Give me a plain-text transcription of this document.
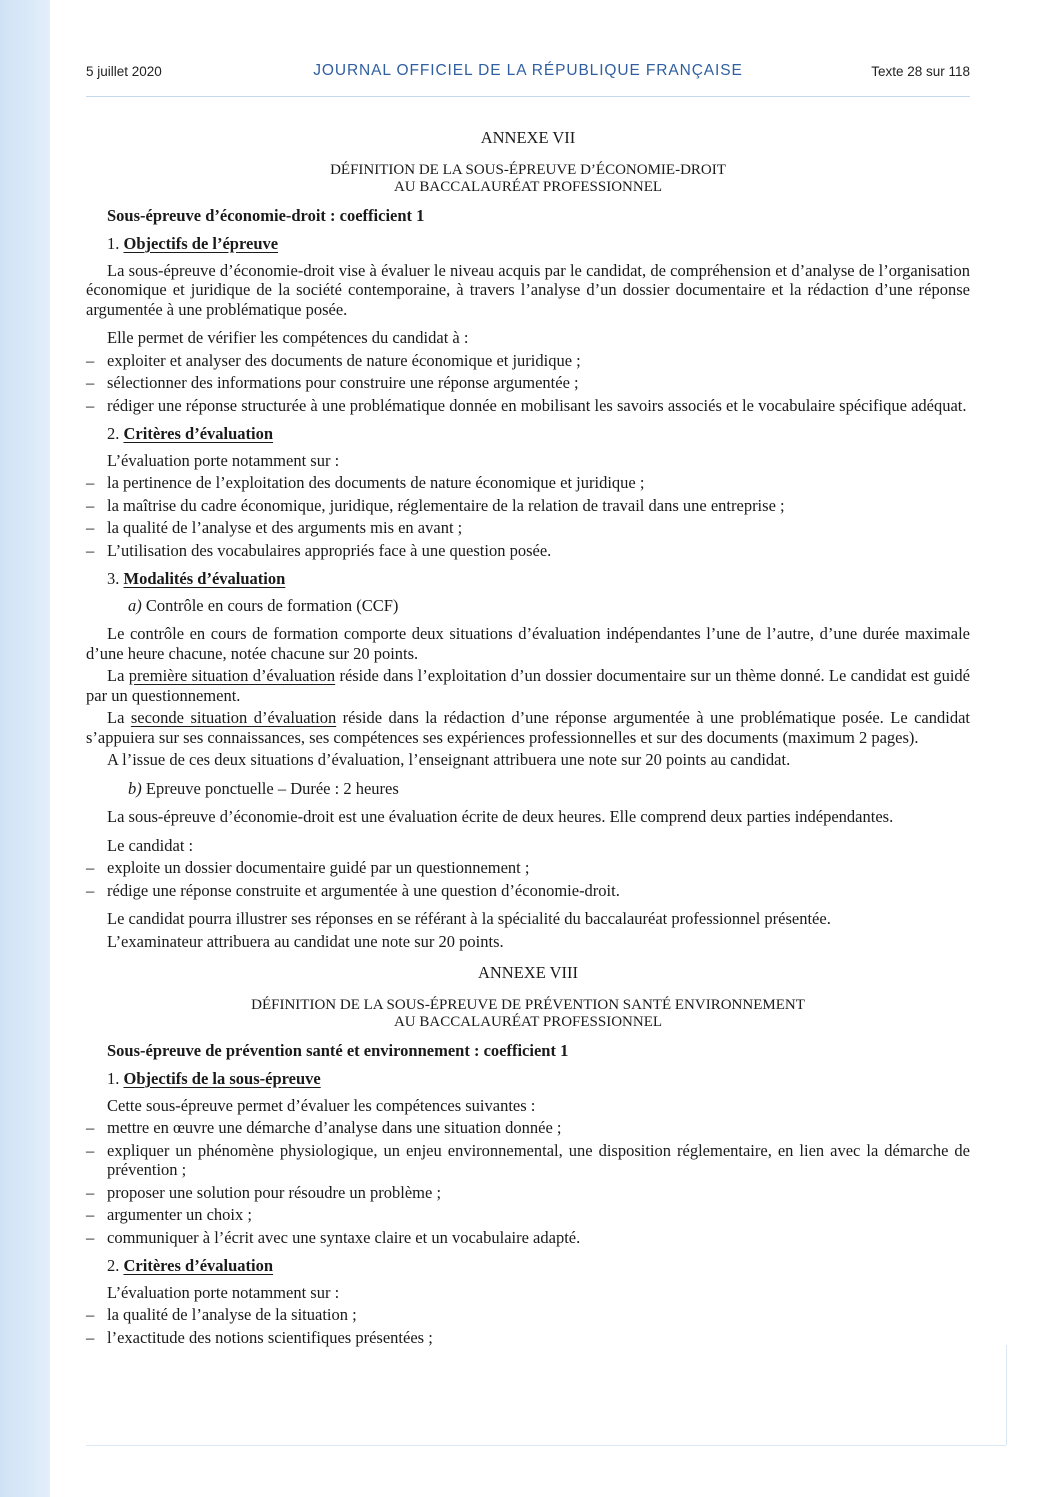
5 juillet 2020	JOURNAL OFFICIEL DE LA RÉPUBLIQUE FRANÇAISE	Texte 28 sur 118
ANNEXE VII
DÉFINITION DE LA SOUS-ÉPREUVE D’ÉCONOMIE-DROIT
AU BACCALAURÉAT PROFESSIONNEL
Sous-épreuve d’économie-droit : coefficient 1
1. Objectifs de l’épreuve

La sous-épreuve d’économie-droit vise à évaluer le niveau acquis par le candidat, de compréhension et d’analyse de l’organisation économique et juridique de la société contemporaine, à travers l’analyse d’un dossier documentaire et la rédaction d’une réponse argumentée à une problématique posée.

Elle permet de vérifier les compétences du candidat à :

– exploiter et analyser des documents de nature économique et juridique ;
– sélectionner des informations pour construire une réponse argumentée ;
– rédiger une réponse structurée à une problématique donnée en mobilisant les savoirs associés et le vocabulaire spécifique adéquat.
2. Critères d’évaluation

L’évaluation porte notamment sur :

– la pertinence de l’exploitation des documents de nature économique et juridique ;
– la maîtrise du cadre économique, juridique, réglementaire de la relation de travail dans une entreprise ;
– la qualité de l’analyse et des arguments mis en avant ;
– L’utilisation des vocabulaires appropriés face à une question posée.
3. Modalités d’évaluation
a) Contrôle en cours de formation (CCF)

Le contrôle en cours de formation comporte deux situations d’évaluation indépendantes l’une de l’autre, d’une durée maximale d’une heure chacune, notée chacune sur 20 points.

La première situation d’évaluation réside dans l’exploitation d’un dossier documentaire sur un thème donné. Le candidat est guidé par un questionnement.

La seconde situation d’évaluation réside dans la rédaction d’une réponse argumentée à une problématique posée. Le candidat s’appuiera sur ses connaissances, ses compétences ses expériences professionnelles et sur des documents (maximum 2 pages).

A l’issue de ces deux situations d’évaluation, l’enseignant attribuera une note sur 20 points au candidat.

b) Epreuve ponctuelle – Durée : 2 heures

La sous-épreuve d’économie-droit est une évaluation écrite de deux heures. Elle comprend deux parties indépendantes.

Le candidat :

– exploite un dossier documentaire guidé par un questionnement ;
– rédige une réponse construite et argumentée à une question d’économie-droit.

Le candidat pourra illustrer ses réponses en se référant à la spécialité du baccalauréat professionnel présentée.

L’examinateur attribuera au candidat une note sur 20 points.

ANNEXE VIII
DÉFINITION DE LA SOUS-ÉPREUVE DE PRÉVENTION SANTÉ ENVIRONNEMENT
AU BACCALAURÉAT PROFESSIONNEL
Sous-épreuve de prévention santé et environnement : coefficient 1
1. Objectifs de la sous-épreuve

Cette sous-épreuve permet d’évaluer les compétences suivantes :

– mettre en œuvre une démarche d’analyse dans une situation donnée ;
– expliquer un phénomène physiologique, un enjeu environnemental, une disposition réglementaire, en lien avec la démarche de prévention ;
– proposer une solution pour résoudre un problème ;
– argumenter un choix ;
– communiquer à l’écrit avec une syntaxe claire et un vocabulaire adapté.
2. Critères d’évaluation

L’évaluation porte notamment sur :

– la qualité de l’analyse de la situation ;
– l’exactitude des notions scientifiques présentées ;
